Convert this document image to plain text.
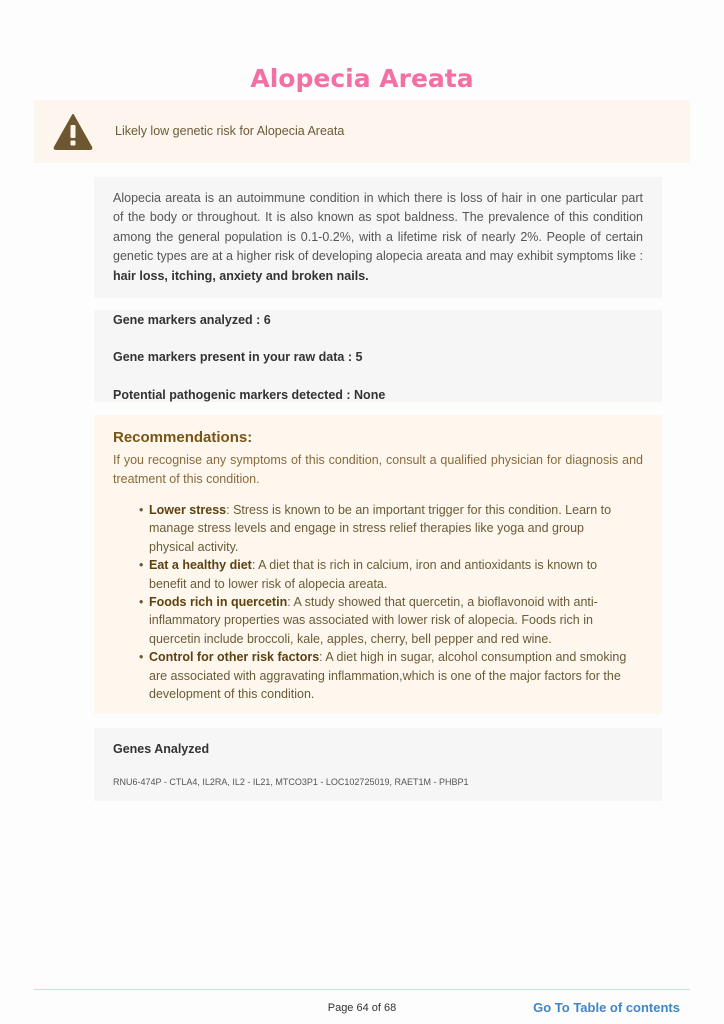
Alopecia Areata
Likely low genetic risk for Alopecia Areata
Alopecia areata is an autoimmune condition in which there is loss of hair in one particular part of the body or throughout. It is also known as spot baldness. The prevalence of this condition among the general population is 0.1-0.2%, with a lifetime risk of nearly 2%. People of certain genetic types are at a higher risk of developing alopecia areata and may exhibit symptoms like : hair loss, itching, anxiety and broken nails.
Gene markers analyzed : 6
Gene markers present in your raw data : 5
Potential pathogenic markers detected : None
Recommendations:
If you recognise any symptoms of this condition, consult a qualified physician for diagnosis and treatment of this condition.
• Lower stress: Stress is known to be an important trigger for this condition. Learn to manage stress levels and engage in stress relief therapies like yoga and group physical activity.
• Eat a healthy diet: A diet that is rich in calcium, iron and antioxidants is known to benefit and to lower risk of alopecia areata.
• Foods rich in quercetin: A study showed that quercetin, a bioflavonoid with anti-inflammatory properties was associated with lower risk of alopecia. Foods rich in quercetin include broccoli, kale, apples, cherry, bell pepper and red wine.
• Control for other risk factors: A diet high in sugar, alcohol consumption and smoking are associated with aggravating inflammation,which is one of the major factors for the development of this condition.
Genes Analyzed
RNU6-474P - CTLA4, IL2RA, IL2 - IL21, MTCO3P1 - LOC102725019, RAET1M - PHBP1
Page 64 of 68	Go To Table of contents
